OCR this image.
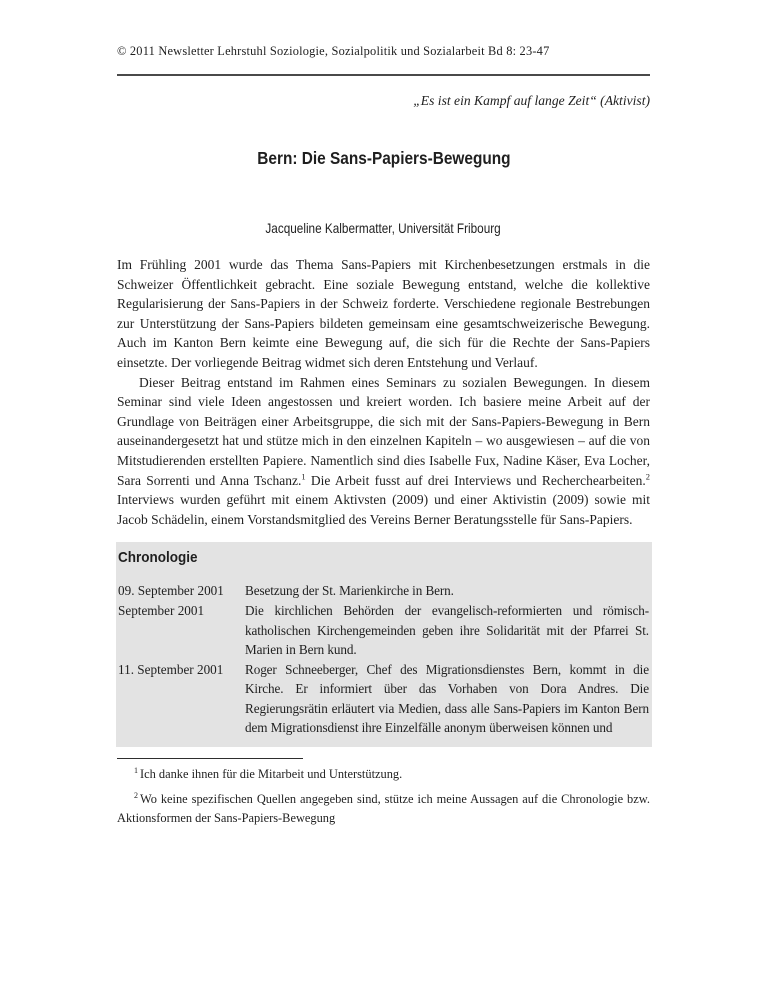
© 2011 Newsletter Lehrstuhl Soziologie, Sozialpolitik und Sozialarbeit Bd 8: 23-47
„Es ist ein Kampf auf lange Zeit“ (Aktivist)
Bern: Die Sans-Papiers-Bewegung
Jacqueline Kalbermatter, Universität Fribourg

Im Frühling 2001 wurde das Thema Sans-Papiers mit Kirchenbesetzungen erstmals in die Schweizer Öffentlichkeit gebracht. Eine soziale Bewegung entstand, welche die kollektive Regularisierung der Sans-Papiers in der Schweiz forderte. Verschiedene regionale Bestrebungen zur Unterstützung der Sans-Papiers bildeten gemeinsam eine gesamtschweizerische Bewegung. Auch im Kanton Bern keimte eine Bewegung auf, die sich für die Rechte der Sans-Papiers einsetzte. Der vorliegende Beitrag widmet sich deren Entstehung und Verlauf.

Dieser Beitrag entstand im Rahmen eines Seminars zu sozialen Bewegungen. In diesem Seminar sind viele Ideen angestossen und kreiert worden. Ich basiere meine Arbeit auf der Grundlage von Beiträgen einer Arbeitsgruppe, die sich mit der Sans-Papiers-Bewegung in Bern auseinandergesetzt hat und stütze mich in den einzelnen Kapiteln – wo ausgewiesen – auf die von Mitstudierenden erstellten Papiere. Namentlich sind dies Isabelle Fux, Nadine Käser, Eva Locher, Sara Sorrenti und Anna Tschanz.$^1$ Die Arbeit fusst auf drei Interviews und Recherchearbeiten.$^2$ Interviews wurden geführt mit einem Aktivsten (2009) und einer Aktivistin (2009) sowie mit Jacob Schädelin, einem Vorstandsmitglied des Vereins Berner Beratungsstelle für Sans-Papiers.

Chronologie
09. September 2001	Besetzung der St. Marienkirche in Bern.
September 2001	Die kirchlichen Behörden der evangelisch-reformierten und römisch-katholischen Kirchengemeinden geben ihre Solidarität mit der Pfarrei St. Marien in Bern kund.
11. September 2001	Roger Schneeberger, Chef des Migrationsdienstes Bern, kommt in die Kirche. Er informiert über das Vorhaben von Dora Andres. Die Regierungsrätin erläutert via Medien, dass alle Sans-Papiers im Kanton Bern dem Migrationsdienst ihre Einzelfälle anonym überweisen können und

$^1$ Ich danke ihnen für die Mitarbeit und Unterstützung.

$^2$ Wo keine spezifischen Quellen angegeben sind, stütze ich meine Aussagen auf die Chronologie bzw. Aktionsformen der Sans-Papiers-Bewegung
